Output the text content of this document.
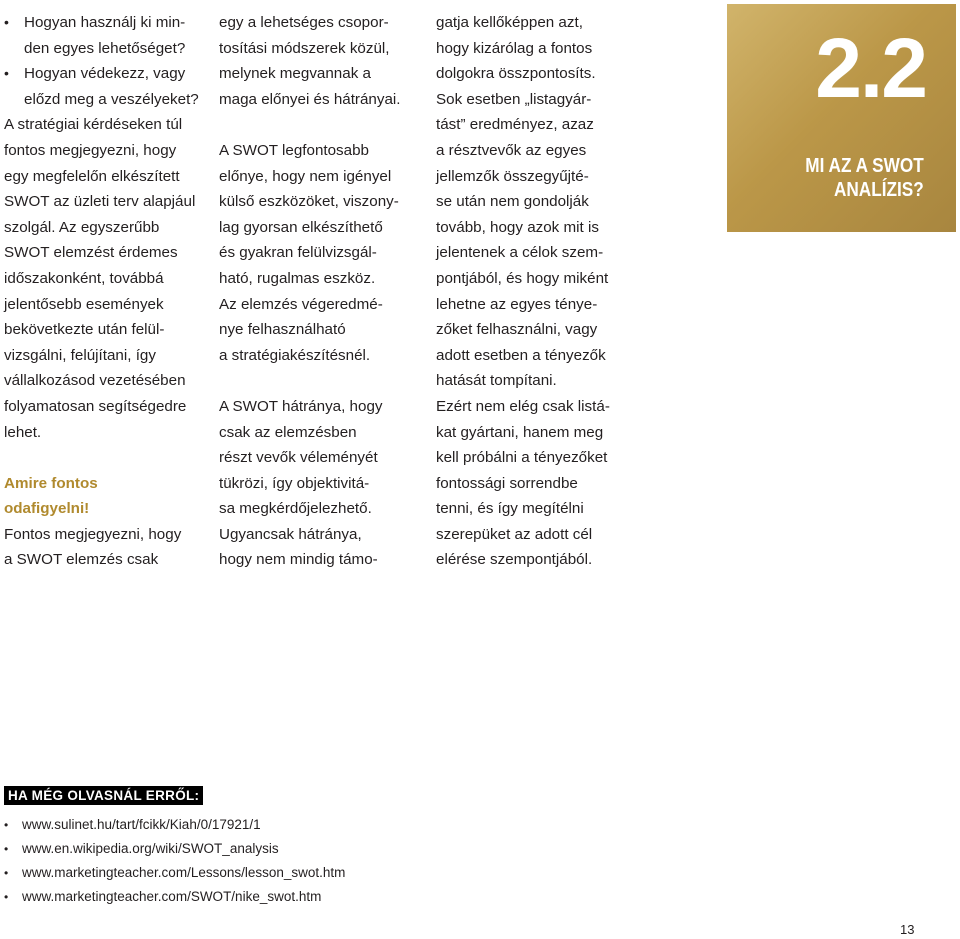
• Hogyan használj ki min-
den egyes lehetőséget?
• Hogyan védekezz, vagy
előzd meg a veszélyeket?
A stratégiai kérdéseken túl
fontos megjegyezni, hogy
egy megfelelőn elkészített
SWOT az üzleti terv alapjául
szolgál. Az egyszerűbb
SWOT elemzést érdemes
időszakonként, továbbá
jelentősebb események
bekövetkezte után felül-
vizsgálni, felújítani, így
vállalkozásod vezetésében
folyamatosan segítségedre
lehet.
Amire fontos
odafigyelni!
Fontos megjegyezni, hogy
a SWOT elemzés csak
egy a lehetséges csopor-
tosítási módszerek közül,
melynek megvannak a
maga előnyei és hátrányai.
A SWOT legfontosabb
előnye, hogy nem igényel
külső eszközöket, viszony-
lag gyorsan elkészíthető
és gyakran felülvizsgál-
ható, rugalmas eszköz.
Az elemzés végeredmé-
nye felhasználható
a stratégiakészítésnél.
A SWOT hátránya, hogy
csak az elemzésben
részt vevők véleményét
tükrözi, így objektivitá-
sa megkérdőjelezhető.
Ugyancsak hátránya,
hogy nem mindig támo-
gatja kellőképpen azt,
hogy kizárólag a fontos
dolgokra összpontosíts.
Sok esetben „listagyár-
tást” eredményez, azaz
a résztvevők az egyes
jellemzők összegyűjté-
se után nem gondolják
tovább, hogy azok mit is
jelentenek a célok szem-
pontjából, és hogy miként
lehetne az egyes ténye-
zőket felhasználni, vagy
adott esetben a tényezők
hatását tompítani.
Ezért nem elég csak listá-
kat gyártani, hanem meg
kell próbálni a tényezőket
fontossági sorrendbe
tenni, és így megítélni
szerepüket az adott cél
elérése szempontjából.
2.2
MI AZ A SWOT
ANALÍZIS?
HA MÉG OLVASNÁL ERRŐL:
• www.sulinet.hu/tart/fcikk/Kiah/0/17921/1
• www.en.wikipedia.org/wiki/SWOT_analysis
• www.marketingteacher.com/Lessons/lesson_swot.htm
• www.marketingteacher.com/SWOT/nike_swot.htm
13
